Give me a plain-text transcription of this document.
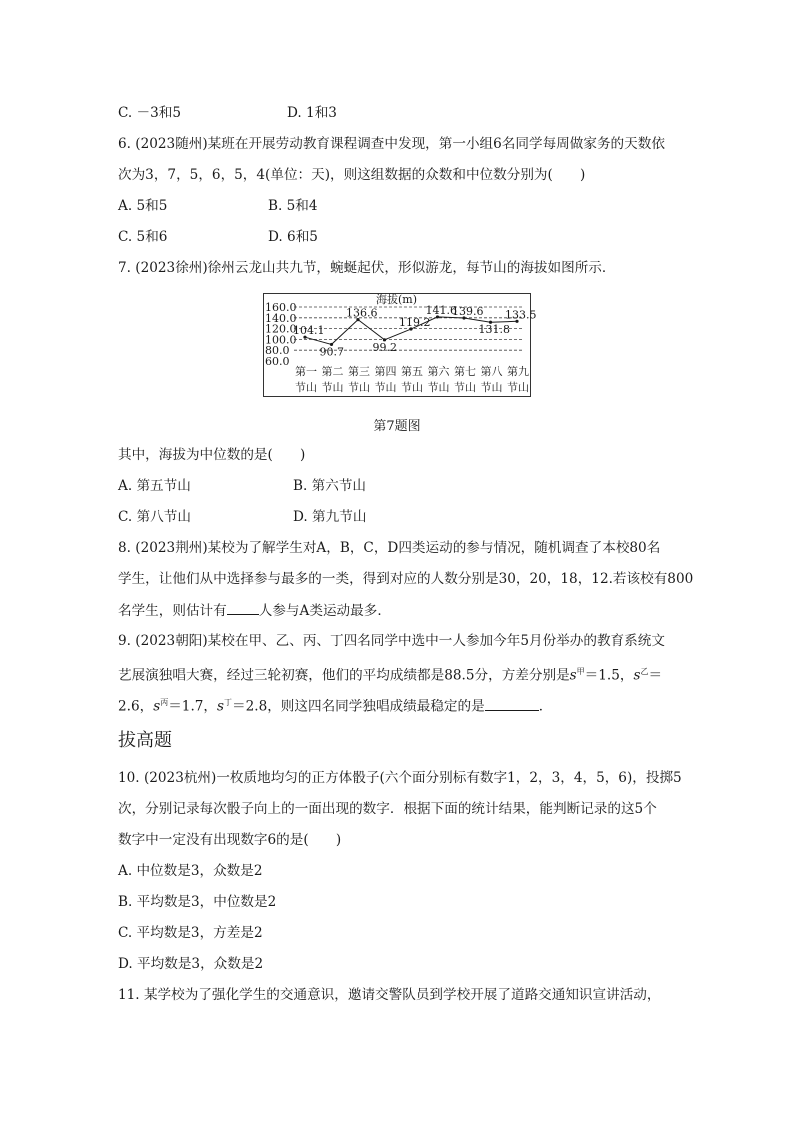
C. －3和5	D. 1和3
6. (2023随州)某班在开展劳动教育课程调查中发现，第一小组6名同学每周做家务的天数依
次为3，7，5，6，5，4(单位：天)，则这组数据的众数和中位数分别为(　　)
A. 5和5	B. 5和4
C. 5和6	D. 6和5
7. (2023徐州)徐州云龙山共九节，蜿蜒起伏，形似游龙，每节山的海拔如图所示．
160.0
140.0
120.0
100.0
80.0
60.0
海拔(m)
104.1
90.7
136.6
99.2
119.2
141.6
139.6
131.8
133.5
第一
节山
第二
节山
第三
节山
第四
节山
第五
节山
第六
节山
第七
节山
第八
节山
第九
节山
第7题图
其中，海拔为中位数的是(　　)
A. 第五节山	B. 第六节山
C. 第八节山	D. 第九节山
8. (2023荆州)某校为了解学生对A，B，C，D四类运动的参与情况，随机调查了本校80名
学生，让他们从中选择参与最多的一类，得到对应的人数分别是30，20，18，12.若该校有800
名学生，则估计有 人参与A类运动最多．
9. (2023朝阳)某校在甲、乙、丙、丁四名同学中选中一人参加今年5月份举办的教育系统文
艺展演独唱大赛，经过三轮初赛，他们的平均成绩都是88.5分，方差分别是$s^甲=1.5$，$s^乙=$
2.6，$s^丙=1.7$，$s^丁=2.8$，则这四名同学独唱成绩最稳定的是	．
拔高题
10. (2023杭州)一枚质地均匀的正方体骰子(六个面分别标有数字1，2，3，4，5，6)，投掷5
次，分别记录每次骰子向上的一面出现的数字．根据下面的统计结果，能判断记录的这5个
数字中一定没有出现数字6的是(　　)
A. 中位数是3，众数是2
B. 平均数是3，中位数是2
C. 平均数是3，方差是2
D. 平均数是3，众数是2
11. 某学校为了强化学生的交通意识，邀请交警队员到学校开展了道路交通知识宣讲活动，
